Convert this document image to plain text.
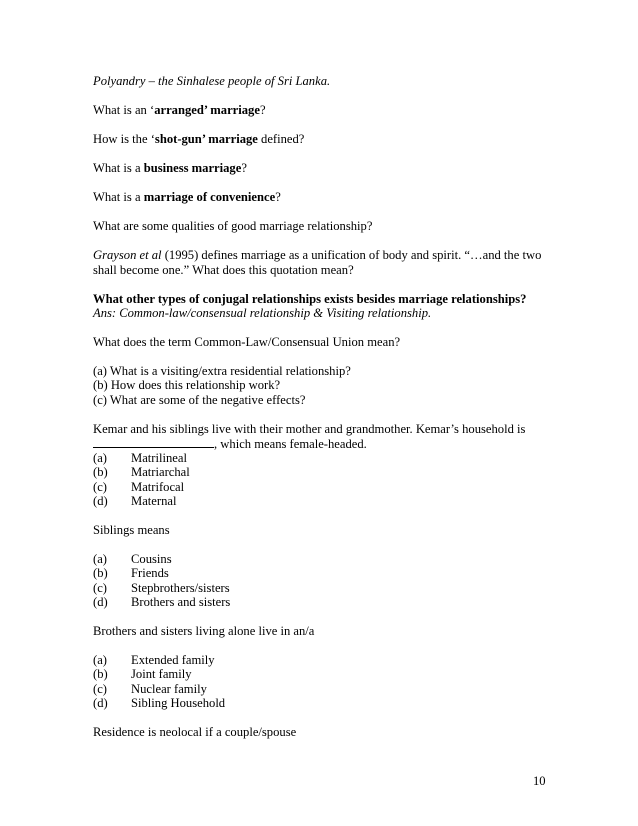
Polyandry – the Sinhalese people of Sri Lanka.
What is an ‘arranged’ marriage?
How is the ‘shot-gun’ marriage defined?
What is a business marriage?
What is a marriage of convenience?
What are some qualities of good marriage relationship?
Grayson et al (1995) defines marriage as a unification of body and spirit. “…and the two
shall become one.” What does this quotation mean?
What other types of conjugal relationships exists besides marriage relationships?
Ans: Common-law/consensual relationship & Visiting relationship.
What does the term Common-Law/Consensual Union mean?
(a) What is a visiting/extra residential relationship?
(b) How does this relationship work?
(c) What are some of the negative effects?
Kemar and his siblings live with their mother and grandmother. Kemar’s household is
, which means female-headed.
(a) Matrilineal
(b) Matriarchal
(c) Matrifocal
(d) Maternal
Siblings means
(a) Cousins
(b) Friends
(c) Stepbrothers/sisters
(d) Brothers and sisters
Brothers and sisters living alone live in an/a
(a) Extended family
(b) Joint family
(c) Nuclear family
(d) Sibling Household
Residence is neolocal if a couple/spouse
10
